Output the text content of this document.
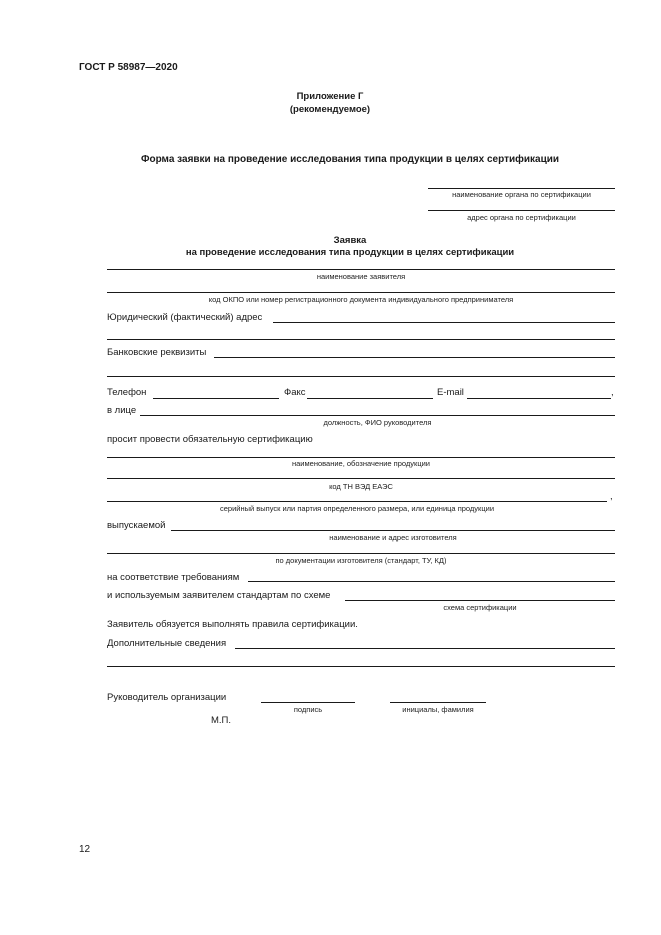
ГОСТ Р 58987—2020
Приложение Г
(рекомендуемое)
Форма заявки на проведение исследования типа продукции в целях сертификации
наименование органа по сертификации
адрес органа по сертификации
Заявка
на проведение исследования типа продукции в целях сертификации
наименование заявителя
код ОКПО или номер регистрационного документа индивидуального предпринимателя
Юридический (фактический) адрес
Банковские реквизиты
Телефон	Факс	E-mail	,
в лице
должность, ФИО руководителя
просит провести обязательную сертификацию
наименование, обозначение продукции
код ТН ВЭД ЕАЭС
,
серийный выпуск или партия определенного размера, или единица продукции
выпускаемой
наименование и адрес изготовителя
по документации изготовителя (стандарт, ТУ, КД)
на соответствие требованиям
и используемым заявителем стандартам по схеме
схема сертификации
Заявитель обязуется выполнять правила сертификации.
Дополнительные сведения
Руководитель организации
подпись	инициалы, фамилия
М.П.
12
